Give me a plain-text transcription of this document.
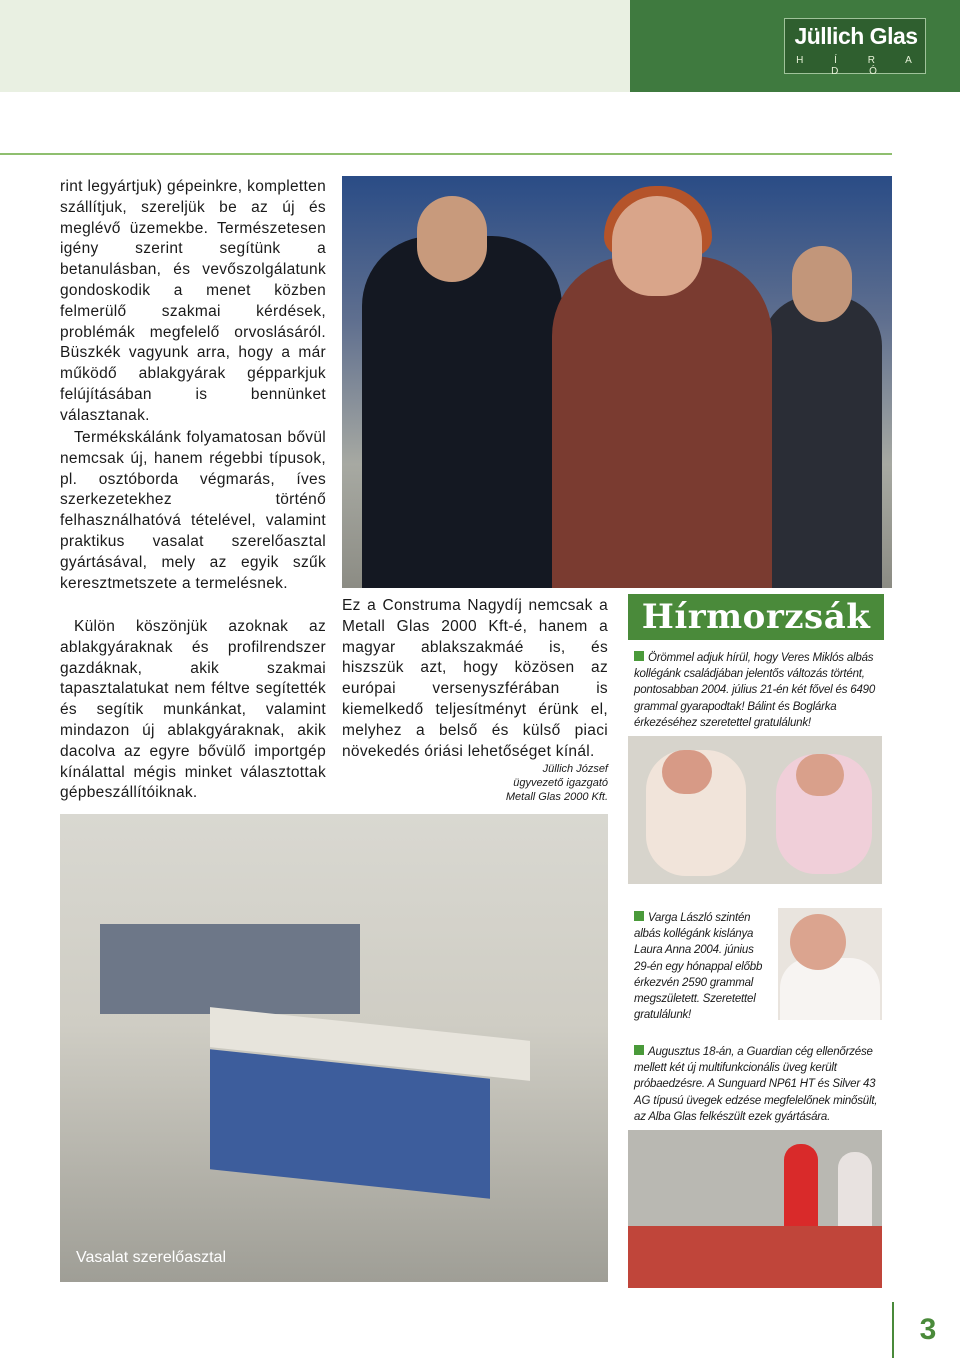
Jüllich Glas
H Í R A D Ó
rint legyártjuk) gépeinkre, kompletten szállítjuk, szereljük be az új és meglévő üzemekbe. Természetesen igény szerint segítünk a betanulásban, és vevőszolgálatunk gondoskodik a menet közben felmerülő szakmai kérdések, problémák megfelelő orvoslásáról. Büszkék vagyunk arra, hogy a már működő ablakgyárak gépparkjuk felújításában is bennünket választanak.
Termékskálánk folyamatosan bővül nemcsak új, hanem régebbi típusok, pl. osztóborda végmarás, íves szerkezetekhez történő felhasználhatóvá tételével, valamint praktikus vasalat szerelőasztal gyártásával, mely az egyik szűk keresztmetszete a termelésnek.
Külön köszönjük azoknak az ablakgyáraknak és profilrendszer gazdáknak, akik szakmai tapasztalatukat nem féltve segítették és segítik munkánkat, valamint mindazon új ablakgyáraknak, akik dacolva az egyre bővülő importgép kínálattal mégis minket választottak gépbeszállítóiknak.
Ez a Construma Nagydíj nemcsak a Metall Glas 2000 Kft-é, hanem a magyar ablakszakmáé is, és hiszszük azt, hogy közösen az európai versenyszférában is kiemelkedő teljesítményt érünk el, melyhez a belső és külső piaci növekedés óriási lehetőséget kínál.
Jüllich József
ügyvezető igazgató
Metall Glas 2000 Kft.
Hírmorzsák
Örömmel adjuk hírül, hogy Veres Miklós albás kollégánk családjában jelentős változás történt, pontosabban 2004. július 21-én két fővel és 6490 grammal gyarapodtak! Bálint és Boglárka érkezéséhez szeretettel gratulálunk!
Varga László szintén albás kollégánk kislánya Laura Anna 2004. június 29-én egy hónappal előbb érkezvén 2590 grammal megszületett. Szeretettel gratulálunk!
Augusztus 18-án, a Guardian cég ellenőrzése mellett két új multifunkcionális üveg került próbaedzésre. A Sunguard NP61 HT és Silver 43 AG típusú üvegek edzése megfelelőnek minősült, az Alba Glas felkészült ezek gyártására.
Vasalat szerelőasztal
3
